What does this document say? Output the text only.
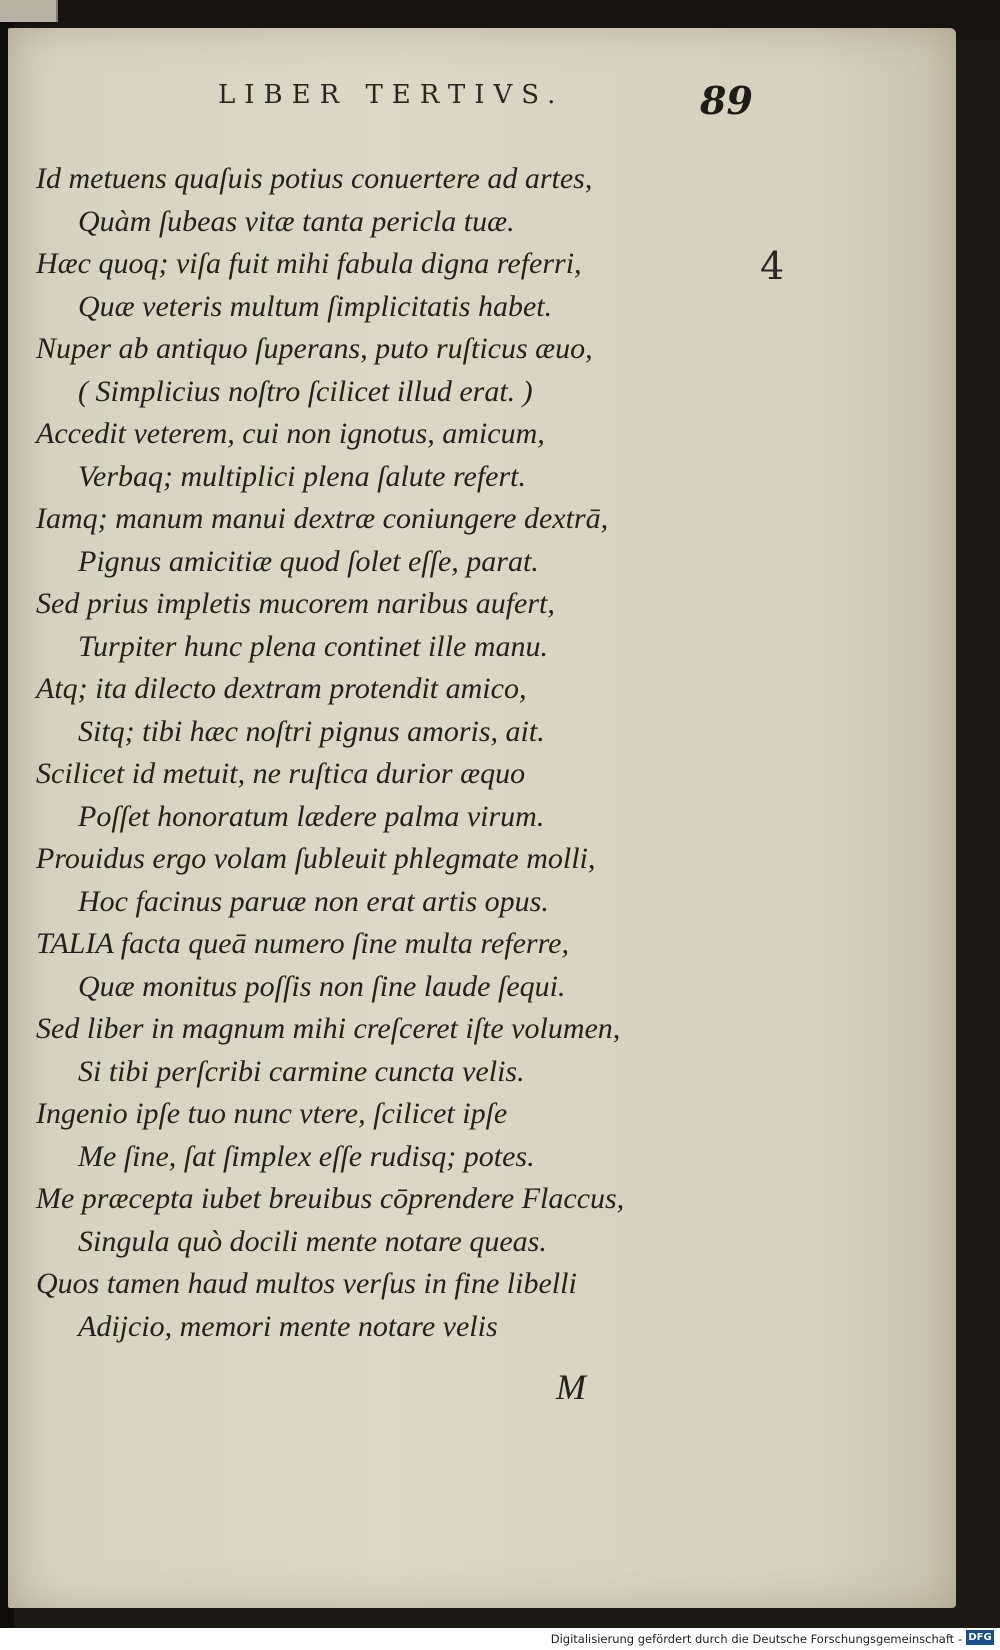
LIBER TERTIVS.	89
4
Id metuens quaſuis potius conuertere ad artes,
Quàm ſubeas vitæ tanta pericla tuæ.
Hæc quoq; viſa fuit mihi fabula digna referri,
Quæ veteris multum ſimplicitatis habet.
Nuper ab antiquo ſuperans, puto ruſticus æuo,
( Simplicius noſtro ſcilicet illud erat. )
Accedit veterem, cui non ignotus, amicum,
Verbaq; multiplici plena ſalute refert.
Iamq; manum manui dextræ coniungere dextrā,
Pignus amicitiæ quod ſolet eſſe, parat.
Sed prius impletis mucorem naribus aufert,
Turpiter hunc plena continet ille manu.
Atq; ita dilecto dextram protendit amico,
Sitq; tibi hæc noſtri pignus amoris, ait.
Scilicet id metuit, ne ruſtica durior æquo
Poſſet honoratum lædere palma virum.
Prouidus ergo volam ſubleuit phlegmate molli,
Hoc facinus paruæ non erat artis opus.
TALIA facta queā numero ſine multa referre,
Quæ monitus poſſis non ſine laude ſequi.
Sed liber in magnum mihi creſceret iſte volumen,
Si tibi perſcribi carmine cuncta velis.
Ingenio ipſe tuo nunc vtere, ſcilicet ipſe
Me ſine, ſat ſimplex eſſe rudisq; potes.
Me præcepta iubet breuibus cōprendere Flaccus,
Singula quò docili mente notare queas.
Quos tamen haud multos verſus in fine libelli
Adijcio, memori mente notare velis
M
Digitalisierung gefördert durch die Deutsche Forschungsgemeinschaft - DFG
